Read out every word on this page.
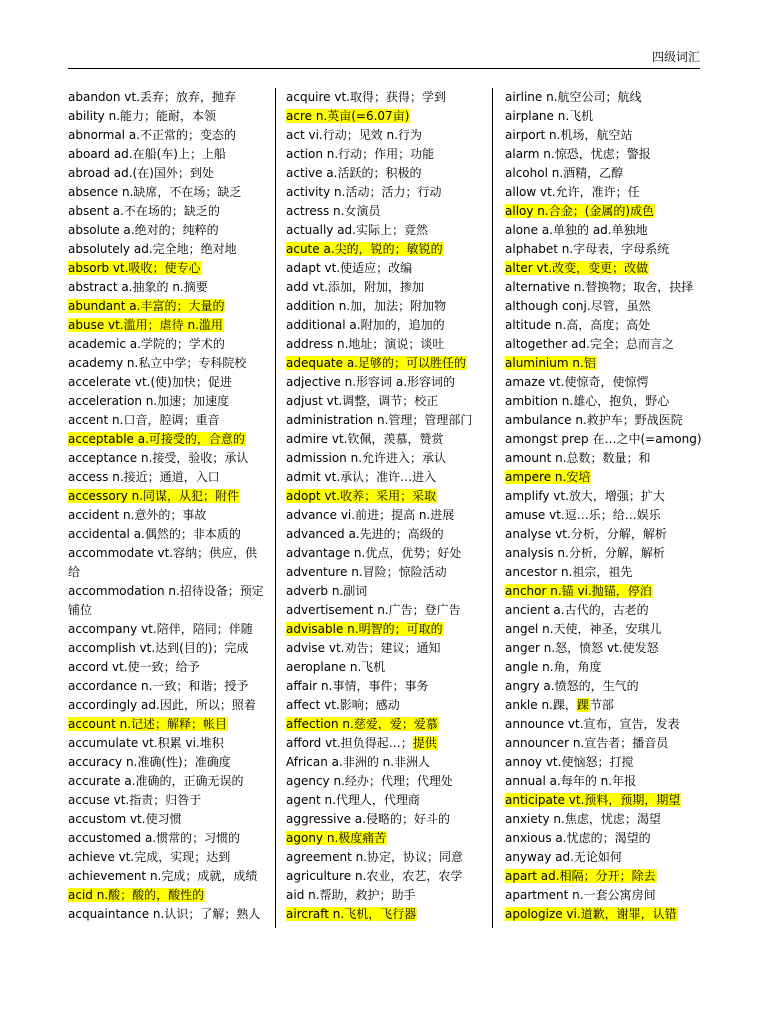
四级词汇
abandon vt.丢弃；放弃，抛弃
ability n.能力；能耐，本领
abnormal a.不正常的；变态的
aboard ad.在船(车)上；上船
abroad ad.(在)国外；到处
absence n.缺席，不在场；缺乏
absent a.不在场的；缺乏的
absolute a.绝对的；纯粹的
absolutely ad.完全地；绝对地
absorb vt.吸收；使专心
abstract a.抽象的 n.摘要
abundant a.丰富的；大量的
abuse vt.滥用；虐待 n.滥用
academic a.学院的；学术的
academy n.私立中学；专科院校
accelerate vt.(使)加快；促进
acceleration n.加速；加速度
accent n.口音，腔调；重音
acceptable a.可接受的，合意的
acceptance n.接受，验收；承认
access n.接近；通道，入口
accessory n.同谋，从犯；附件
accident n.意外的；事故
accidental a.偶然的；非本质的
accommodate vt.容纳；供应，供给
accommodation n.招待设备；预定铺位
accompany vt.陪伴，陪同；伴随
accomplish vt.达到(目的)；完成
accord vt.使一致；给予
accordance n.一致；和谐；授予
accordingly ad.因此，所以；照着
account n.记述；解释；帐目
accumulate vt.积累 vi.堆积
accuracy n.准确(性)；准确度
accurate a.准确的，正确无误的
accuse vt.指责；归咎于
accustom vt.使习惯
accustomed a.惯常的；习惯的
achieve vt.完成，实现；达到
achievement n.完成；成就，成绩
acid n.酸；酸的，酸性的
acquaintance n.认识；了解；熟人
acquire vt.取得；获得；学到
acre n.英亩(=6.07亩)
act vi.行动；见效 n.行为
action n.行动；作用；功能
active a.活跃的；积极的
activity n.活动；活力；行动
actress n.女演员
actually ad.实际上；竟然
acute a.尖的，锐的；敏锐的
adapt vt.使适应；改编
add vt.添加，附加，掺加
addition n.加，加法；附加物
additional a.附加的，追加的
address n.地址；演说；谈吐
adequate a.足够的；可以胜任的
adjective n.形容词 a.形容词的
adjust vt.调整，调节；校正
administration n.管理；管理部门
admire vt.钦佩，羡慕，赞赏
admission n.允许进入；承认
admit vt.承认；准许…进入
adopt vt.收养；采用；采取
advance vi.前进；提高 n.进展
advanced a.先进的；高级的
advantage n.优点，优势；好处
adventure n.冒险；惊险活动
adverb n.副词
advertisement n.广告；登广告
advisable n.明智的；可取的
advise vt.劝告；建议；通知
aeroplane n.飞机
affair n.事情，事件；事务
affect vt.影响；感动
affection n.慈爱，爱；爱慕
afford vt.担负得起…；提供
African a.非洲的 n.非洲人
agency n.经办；代理；代理处
agent n.代理人，代理商
aggressive a.侵略的；好斗的
agony n.极度痛苦
agreement n.协定，协议；同意
agriculture n.农业，农艺，农学
aid n.帮助，救护；助手
aircraft n.飞机，飞行器
airline n.航空公司；航线
airplane n.飞机
airport n.机场，航空站
alarm n.惊恐，忧虑；警报
alcohol n.酒精，乙醇
allow vt.允许，准许；任
alloy n.合金；(金属的)成色
alone a.单独的 ad.单独地
alphabet n.字母表，字母系统
alter vt.改变，变更；改做
alternative n.替换物；取舍，抉择
although conj.尽管，虽然
altitude n.高，高度；高处
altogether ad.完全；总而言之
aluminium n.铝
amaze vt.使惊奇，使惊愕
ambition n.雄心，抱负，野心
ambulance n.救护车；野战医院
amongst prep 在…之中(=among)
amount n.总数；数量；和
ampere n.安培
amplify vt.放大，增强；扩大
amuse vt.逗…乐；给…娱乐
analyse vt.分析，分解，解析
analysis n.分析，分解，解析
ancestor n.祖宗，祖先
anchor n.锚 vi.抛锚，停泊
ancient a.古代的，古老的
angel n.天使，神圣，安琪儿
anger n.怒，愤怒 vt.使发怒
angle n.角，角度
angry a.愤怒的，生气的
ankle n.踝，踝节部
announce vt.宣布，宣告，发表
announcer n.宣告者；播音员
annoy vt.使恼怒；打搅
annual a.每年的 n.年报
anticipate vt.预料，预期，期望
anxiety n.焦虑，忧虑；渴望
anxious a.忧虑的；渴望的
anyway ad.无论如何
apart ad.相隔；分开；除去
apartment n.一套公寓房间
apologize vi.道歉，谢罪，认错
